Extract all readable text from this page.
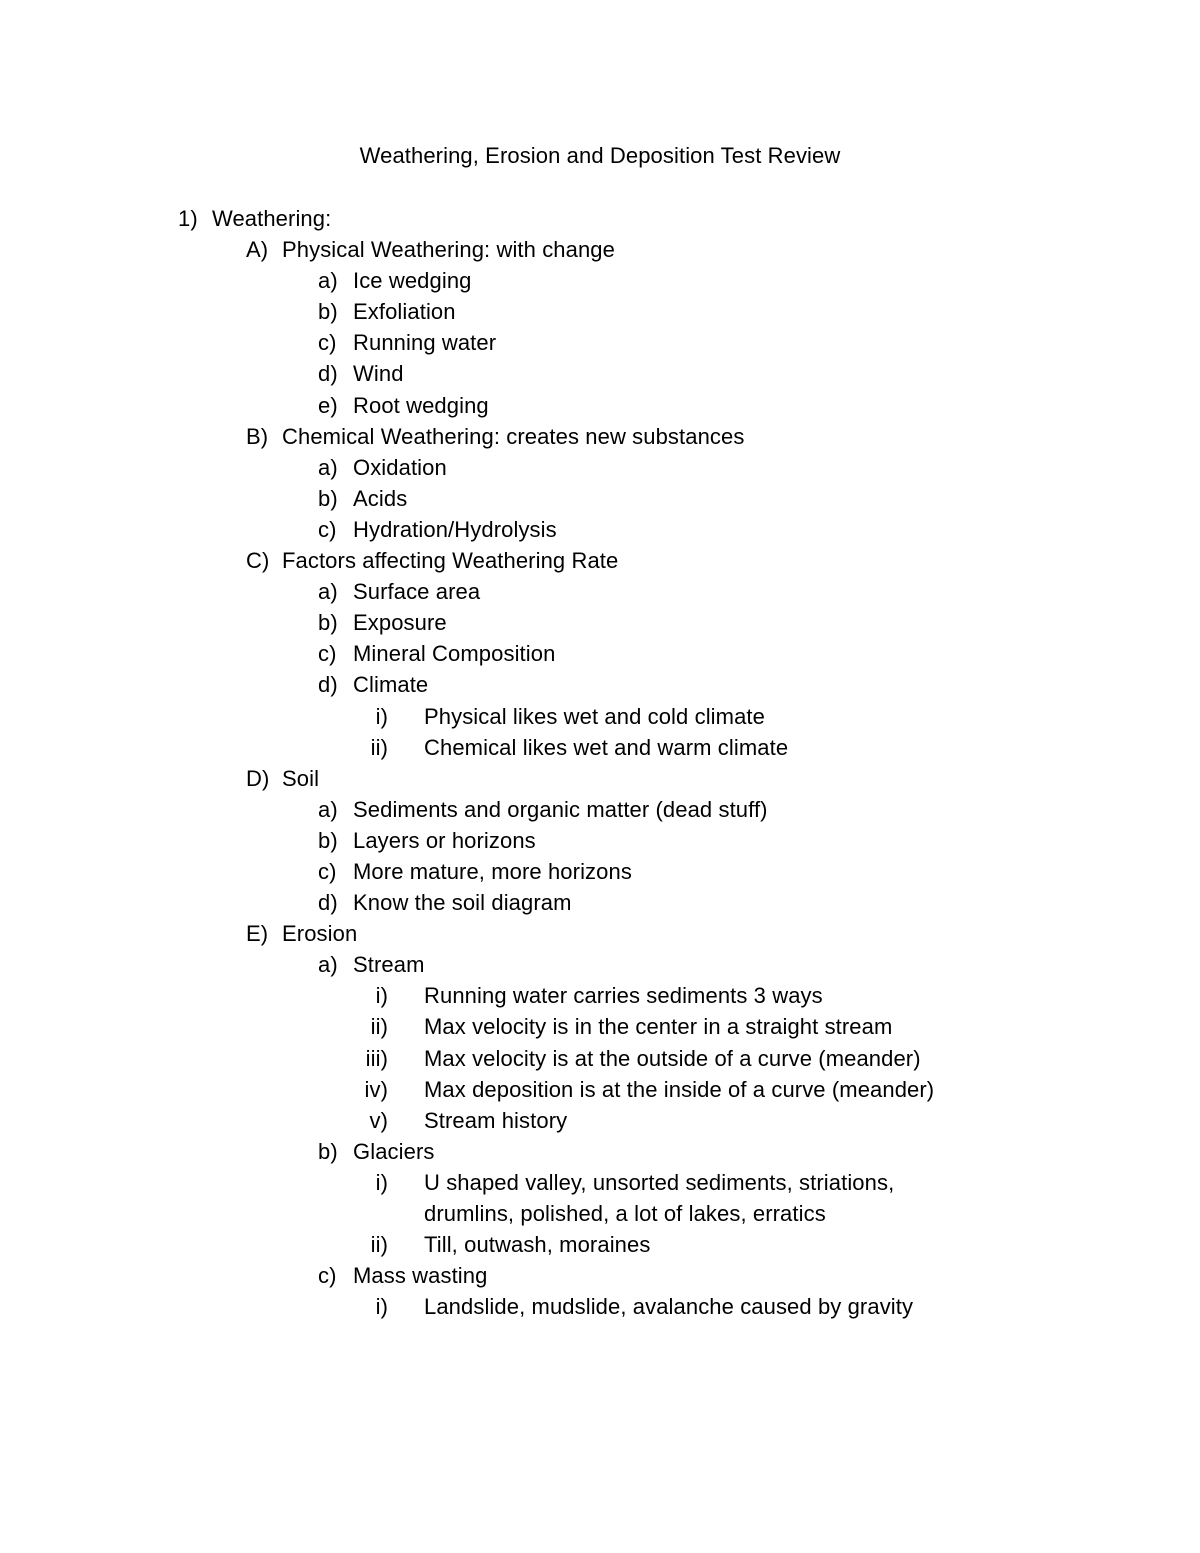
Weathering, Erosion and Deposition Test Review
1) Weathering:
A) Physical Weathering: with change
a) Ice wedging
b) Exfoliation
c) Running water
d) Wind
e) Root wedging
B) Chemical Weathering: creates new substances
a) Oxidation
b) Acids
c) Hydration/Hydrolysis
C) Factors affecting Weathering Rate
a) Surface area
b) Exposure
c) Mineral Composition
d) Climate
i) Physical likes wet and cold climate
ii) Chemical likes wet and warm climate
D) Soil
a) Sediments and organic matter (dead stuff)
b) Layers or horizons
c) More mature, more horizons
d) Know the soil diagram
E) Erosion
a) Stream
i) Running water carries sediments 3 ways
ii) Max velocity is in the center in a straight stream
iii) Max velocity is at the outside of a curve (meander)
iv) Max deposition is at the inside of a curve (meander)
v) Stream history
b) Glaciers
i) U shaped valley, unsorted sediments, striations,
drumlins, polished, a lot of lakes, erratics
ii) Till, outwash, moraines
c) Mass wasting
i) Landslide, mudslide, avalanche caused by gravity
